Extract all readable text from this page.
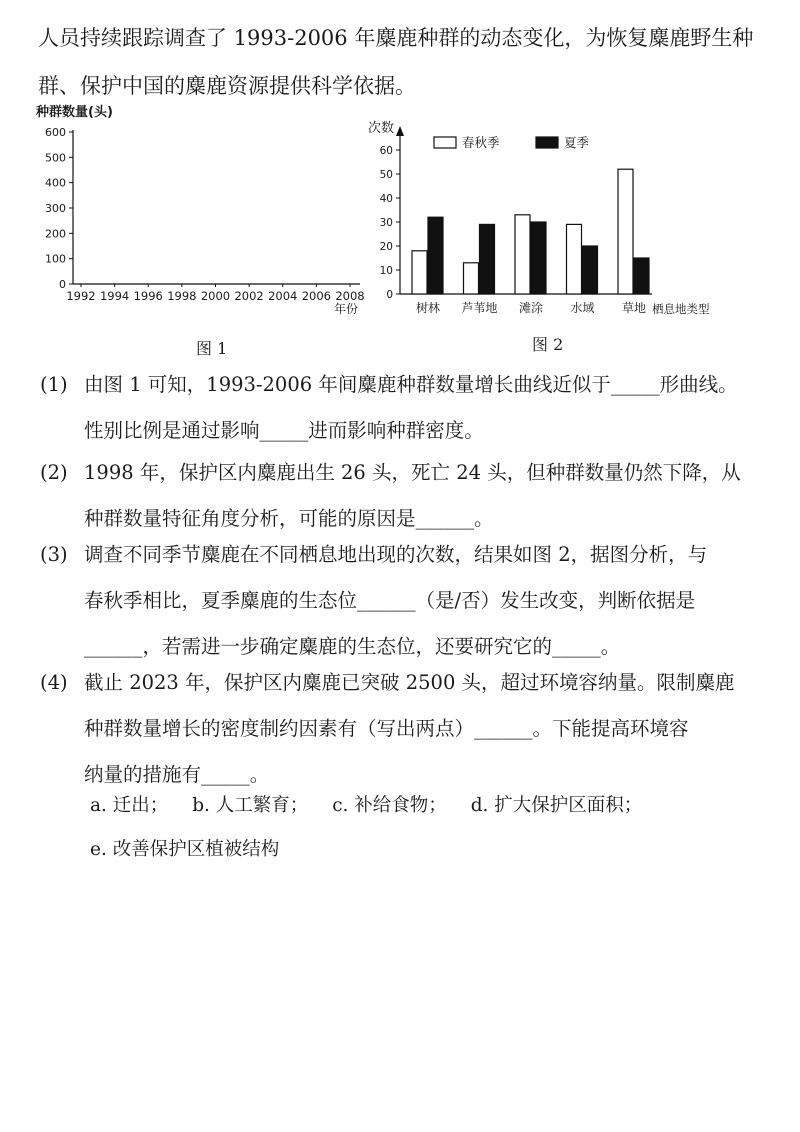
人员持续跟踪调查了 1993-2006 年麋鹿种群的动态变化，为恢复麋鹿野生种
群、保护中国的麋鹿资源提供科学依据。

种群数量(头)
0
100
200
300
400
500
600
1992 1994 1996 1998 2000 2002 2004 2006 2008
年份
图 1
次数
0
10
20
30
40
50
60
树林 芦苇地 滩涂 水域 草地
春秋季	夏季
栖息地类型
图 2

(1) 由图 1 可知，1993-2006 年间麋鹿种群数量增长曲线近似于_____形曲线。
性别比例是通过影响_____进而影响种群密度。

(2) 1998 年，保护区内麋鹿出生 26 头，死亡 24 头，但种群数量仍然下降，从
种群数量特征角度分析，可能的原因是______。

(3) 调查不同季节麋鹿在不同栖息地出现的次数，结果如图 2，据图分析，与
春秋季相比，夏季麋鹿的生态位______（是/否）发生改变，判断依据是
______，若需进一步确定麋鹿的生态位，还要研究它的_____。

(4) 截止 2023 年，保护区内麋鹿已突破 2500 头，超过环境容纳量。限制麋鹿
种群数量增长的密度制约因素有（写出两点）______。下能提高环境容
纳量的措施有_____。

a. 迁出； b. 人工繁育； c. 补给食物； d. 扩大保护区面积；
e. 改善保护区植被结构
